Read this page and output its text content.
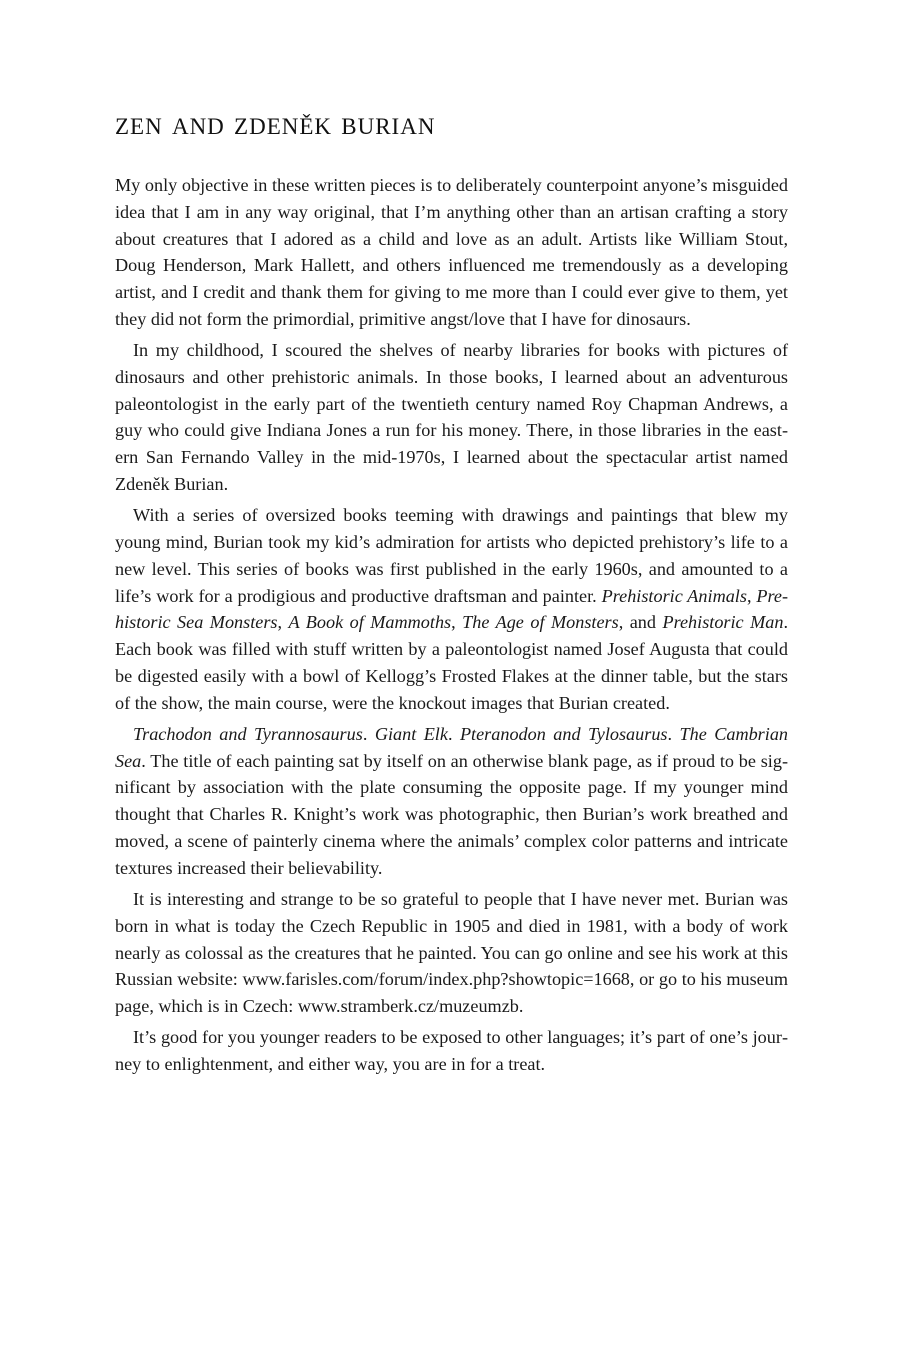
zen and zdeněk burian

My only objective in these written pieces is to deliberately counterpoint anyone’s misguided idea that I am in any way original, that I’m anything other than an artisan crafting a story about creatures that I adored as a child and love as an adult. Artists like William Stout, Doug Henderson, Mark Hallett, and others influenced me tremendously as a developing artist, and I credit and thank them for giving to me more than I could ever give to them, yet they did not form the primordial, primitive angst/love that I have for dinosaurs.

In my childhood, I scoured the shelves of nearby libraries for books with pictures of dinosaurs and other prehistoric animals. In those books, I learned about an adventurous paleontologist in the early part of the twentieth century named Roy Chapman Andrews, a guy who could give Indiana Jones a run for his money. There, in those libraries in the eastern San Fernando Valley in the mid-1970s, I learned about the spectacular artist named Zdeněk Burian.

With a series of oversized books teeming with drawings and paintings that blew my young mind, Burian took my kid’s admiration for artists who depicted prehistory’s life to a new level. This series of books was first published in the early 1960s, and amounted to a life’s work for a prodigious and productive draftsman and painter. Prehistoric Animals, Prehistoric Sea Monsters, A Book of Mammoths, The Age of Monsters, and Prehistoric Man. Each book was filled with stuff written by a paleontologist named Josef Augusta that could be digested easily with a bowl of Kellogg’s Frosted Flakes at the dinner table, but the stars of the show, the main course, were the knockout images that Burian created.

Trachodon and Tyrannosaurus. Giant Elk. Pteranodon and Tylosaurus. The Cambrian Sea. The title of each painting sat by itself on an otherwise blank page, as if proud to be significant by association with the plate consuming the opposite page. If my younger mind thought that Charles R. Knight’s work was photographic, then Burian’s work breathed and moved, a scene of painterly cinema where the animals’ complex color patterns and intricate textures increased their believability.

It is interesting and strange to be so grateful to people that I have never met. Burian was born in what is today the Czech Republic in 1905 and died in 1981, with a body of work nearly as colossal as the creatures that he painted. You can go online and see his work at this Russian website: www.farisles.com/forum/index.php?showtopic=1668, or go to his museum page, which is in Czech: www.stramberk.cz/muzeumzb.

It’s good for you younger readers to be exposed to other languages; it’s part of one’s journey to enlightenment, and either way, you are in for a treat.
